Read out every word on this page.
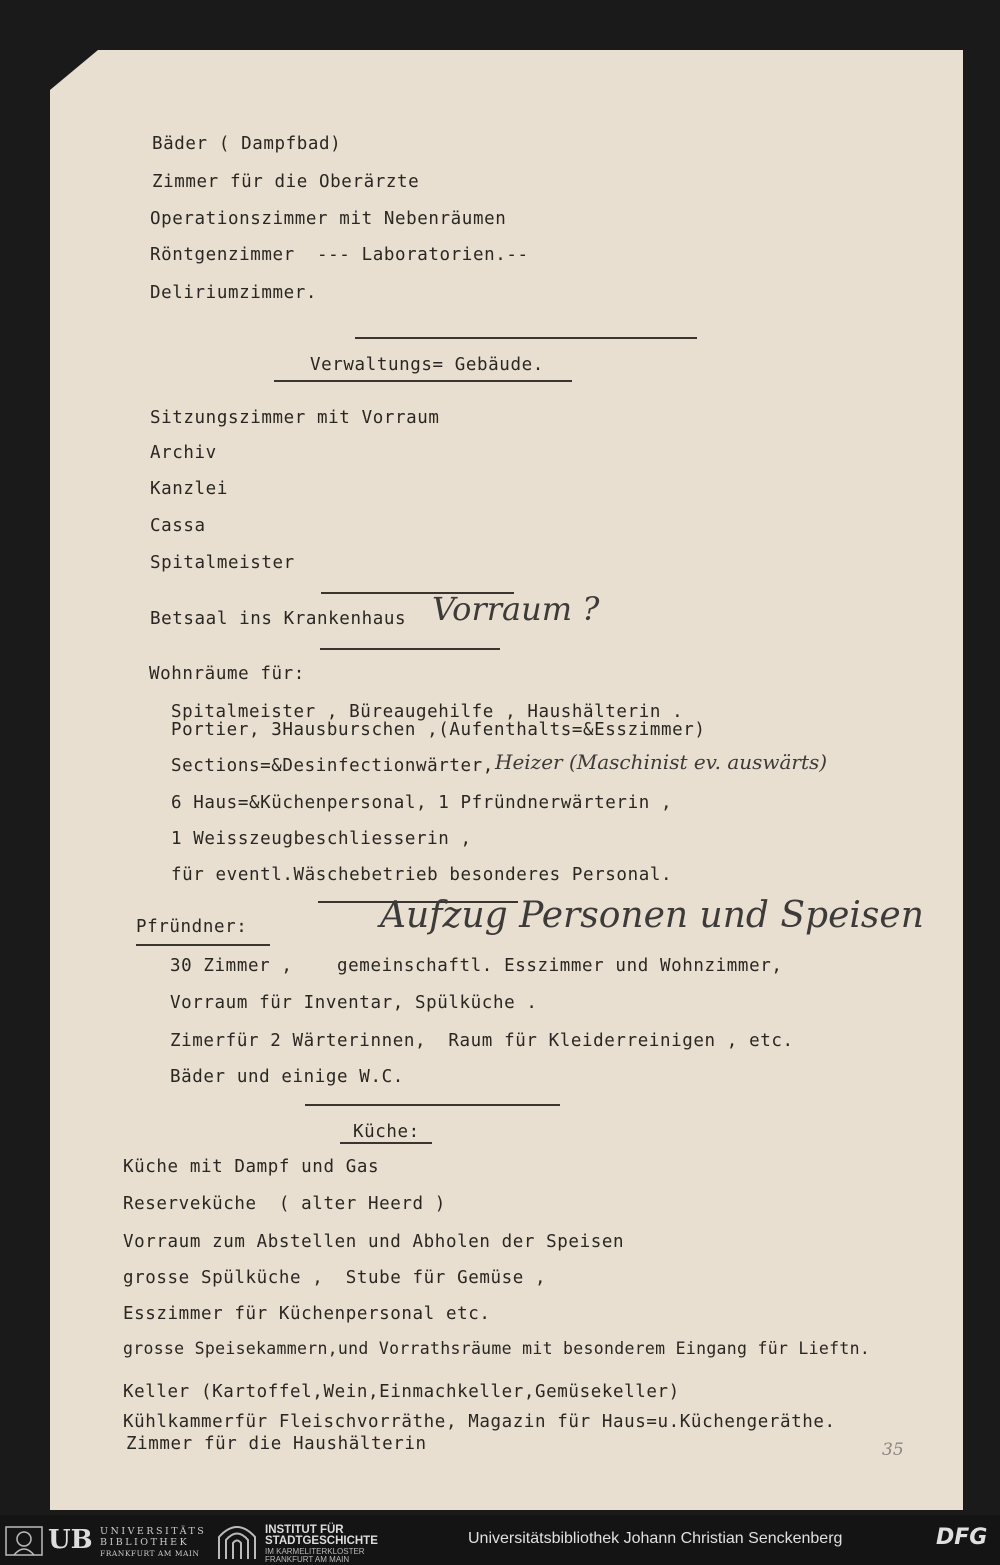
Bäder ( Dampfbad)
Zimmer für die Oberärzte
Operationszimmer mit Nebenräumen
Röntgenzimmer  --- Laboratorien.--
Deliriumzimmer.
Verwaltungs= Gebäude.
Sitzungszimmer mit Vorraum
Archiv
Kanzlei
Cassa
Spitalmeister
Betsaal ins Krankenhaus Vorraum ?
Wohnräume für:
Spitalmeister , Büreaugehilfe , Haushälterin .
Portier, 3Hausburschen ,(Aufenthalts=&Esszimmer)
Sections=&Desinfectionwärter, Heizer (Maschinist ev. auswärts)
6 Haus=&Küchenpersonal, 1 Pfründnerwärterin ,
1 Weisszeugbeschliesserin ,
für eventl.Wäschebetrieb besonderes Personal.
Pfründner:	Aufzug Personen und Speisen
30 Zimmer ,    gemeinschaftl. Esszimmer und Wohnzimmer,
Vorraum für Inventar, Spülküche .
Zimerfür 2 Wärterinnen,  Raum für Kleiderreinigen , etc.
Bäder und einige W.C.
Küche:
Küche mit Dampf und Gas
Reserveküche  ( alter Heerd )
Vorraum zum Abstellen und Abholen der Speisen
grosse Spülküche ,  Stube für Gemüse ,
Esszimmer für Küchenpersonal etc.
grosse Speisekammern,und Vorrathsräume mit besonderem Eingang für Lieftn.
Keller (Kartoffel,Wein,Einmachkeller,Gemüsekeller)
Kühlkammerfür Fleischvorräthe, Magazin für Haus=u.Küchengeräthe.
Zimmer für die Haushälterin	35
UB UNIVERSITÄTS
BIBLIOTHEK
FRANKFURT AM MAIN
INSTITUT FÜR
STADTGESCHICHTE
IM KARMELITERKLOSTER
FRANKFURT AM MAIN
Universitätsbibliothek Johann Christian Senckenberg	DFG
